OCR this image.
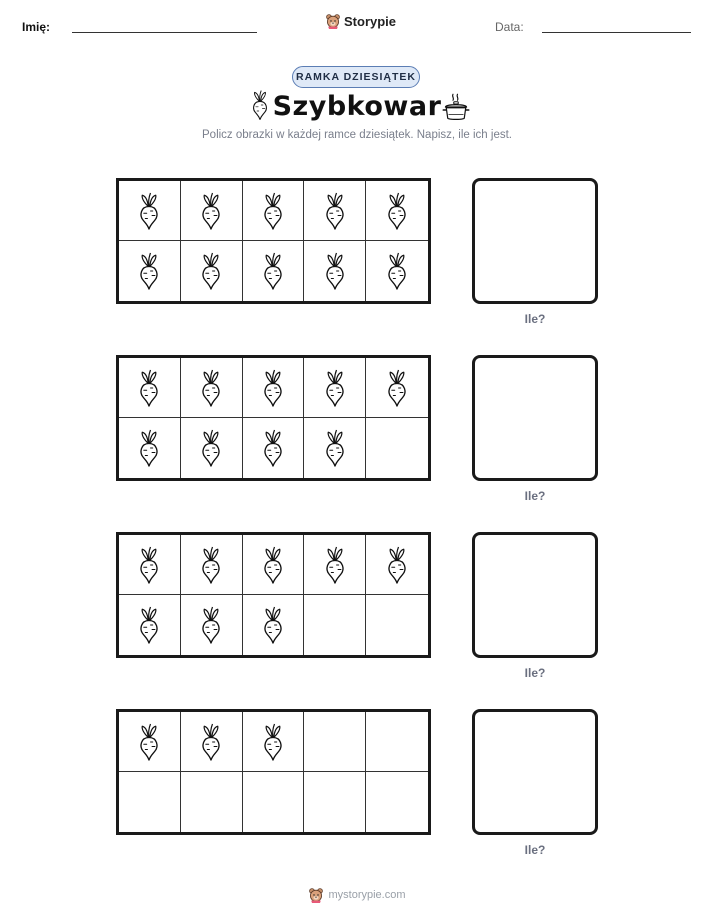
Imię:	Storypie	Data:
RAMKA DZIESIĄTEK
Szybkowar
Policz obrazki w każdej ramce dziesiątek. Napisz, ile ich jest.
Ile?
Ile?
Ile?
Ile?
mystorypie.com
